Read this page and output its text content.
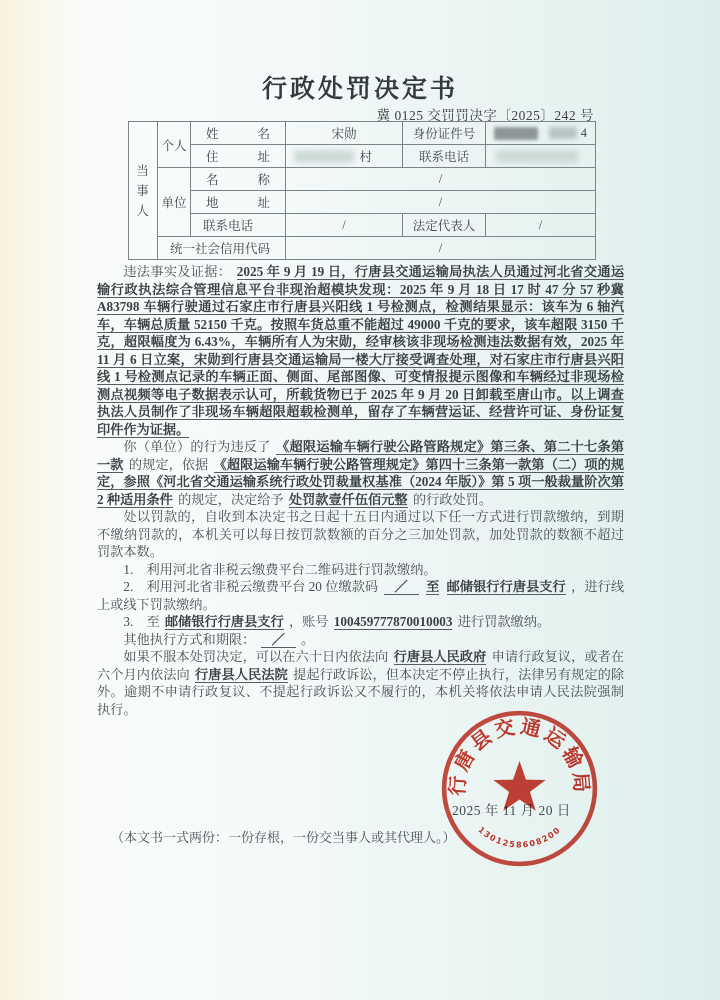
行政处罚决定书
冀 0125 交罚罚决字〔2025〕242 号
当事人	个人	姓名	宋勋	身份证件号	4

		住址	村	联系电话	

	单位	名称	/		
		地址	/		
		联系电话	/	法定代表人	/
	统一社会信用代码		/		

违法事实及证据： 2025 年 9 月 19 日，行唐县交通运输局执法人员通过河北省交通运输行政执法综合管理信息平台非现治超模块发现：2025 年 9 月 18 日 17 时 47 分 57 秒冀A83798 车辆行驶通过石家庄市行唐县兴阳线 1 号检测点，检测结果显示：该车为 6 轴汽车，车辆总质量 52150 千克。按照车货总重不能超过 49000 千克的要求，该车超限 3150 千克，超限幅度为 6.43%，车辆所有人为宋勋，经审核该非现场检测违法数据有效，2025 年 11 月 6 日立案，宋勋到行唐县交通运输局一楼大厅接受调查处理，对石家庄市行唐县兴阳线 1 号检测点记录的车辆正面、侧面、尾部图像、可变情报提示图像和车辆经过非现场检测点视频等电子数据表示认可，所载货物已于 2025 年 9 月 20 日卸载至唐山市。以上调查执法人员制作了非现场车辆超限超载检测单，留存了车辆营运证、经营许可证、身份证复印件作为证据。

你（单位）的行为违反了 《超限运输车辆行驶公路管路规定》第三条、第二十七条第一款 的规定，依据 《超限运输车辆行驶公路管理规定》第四十三条第一款第（二）项的规定，参照《河北省交通运输系统行政处罚裁量权基准（2024 年版）》第 5 项一般裁量阶次第 2 种适用条件 的规定，决定给予 处罚款壹仟伍佰元整 的行政处罚。

处以罚款的，自收到本决定书之日起十五日内通过以下任一方式进行罚款缴纳，到期不缴纳罚款的，本机关可以每日按罚款数额的百分之三加处罚款，加处罚款的数额不超过罚款本数。

1.　利用河北省非税云缴费平台二维码进行罚款缴纳。

2.　利用河北省非税云缴费平台 20 位缴款码 ／ 至 邮储银行行唐县支行 ，进行线上或线下罚款缴纳。

3.　至 邮储银行行唐县支行 ，账号 100459777870010003 进行罚款缴纳。

其他执行方式和期限： ／ 。

如果不服本处罚决定，可以在六十日内依法向 行唐县人民政府 申请行政复议，或者在六个月内依法向 行唐县人民法院 提起行政诉讼，但本决定不停止执行，法律另有规定的除外。逾期不申请行政复议、不提起行政诉讼又不履行的，本机关将依法申请人民法院强制执行。

2025 年 11 月 20 日
（本文书一式两份：一份存根，一份交当事人或其代理人。）
行唐县交通运输局
1301258608200
